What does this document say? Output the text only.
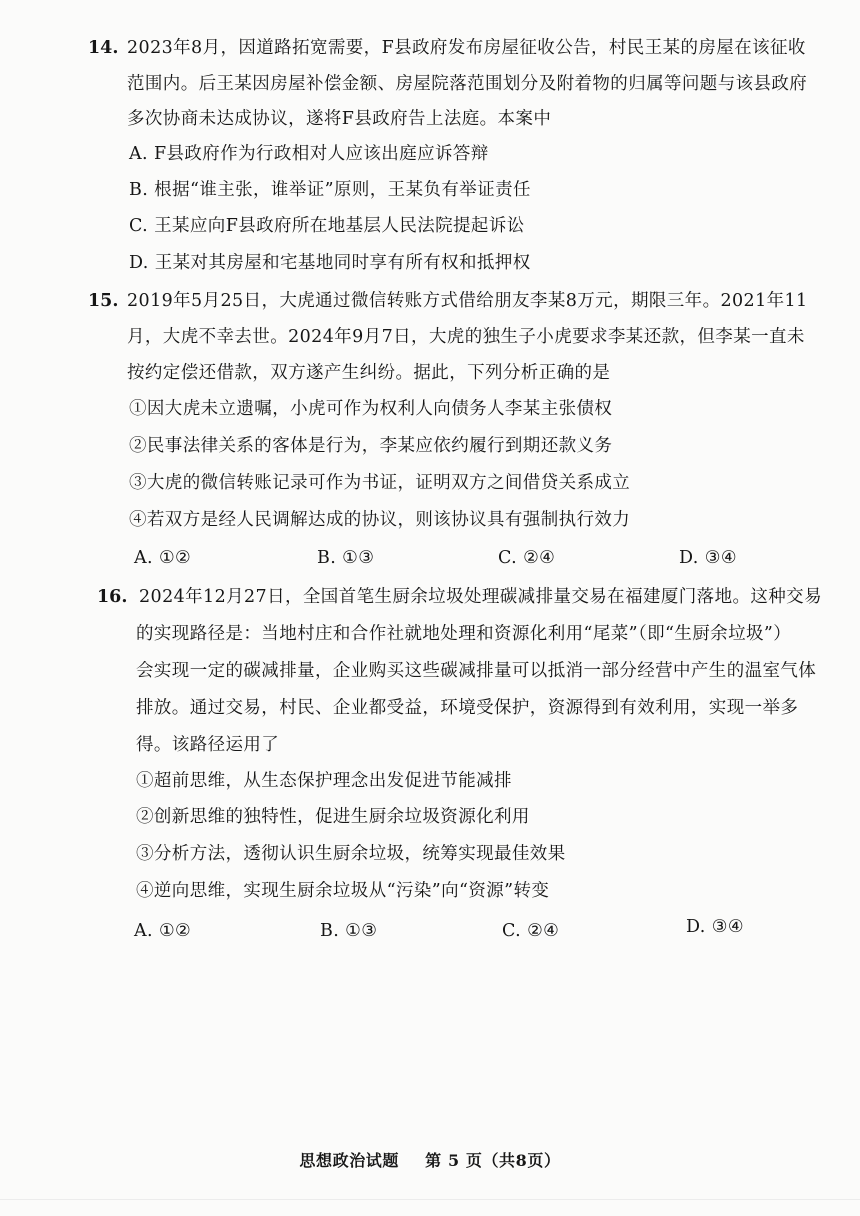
14. 2023年8月，因道路拓宽需要，F县政府发布房屋征收公告，村民王某的房屋在该征收
范围内。后王某因房屋补偿金额、房屋院落范围划分及附着物的归属等问题与该县政府
多次协商未达成协议，遂将F县政府告上法庭。本案中
A. F县政府作为行政相对人应该出庭应诉答辩
B. 根据“谁主张，谁举证”原则，王某负有举证责任
C. 王某应向F县政府所在地基层人民法院提起诉讼
D. 王某对其房屋和宅基地同时享有所有权和抵押权
15. 2019年5月25日，大虎通过微信转账方式借给朋友李某8万元，期限三年。2021年11
月，大虎不幸去世。2024年9月7日，大虎的独生子小虎要求李某还款，但李某一直未
按约定偿还借款，双方遂产生纠纷。据此，下列分析正确的是
①因大虎未立遗嘱，小虎可作为权利人向债务人李某主张债权
②民事法律关系的客体是行为，李某应依约履行到期还款义务
③大虎的微信转账记录可作为书证，证明双方之间借贷关系成立
④若双方是经人民调解达成的协议，则该协议具有强制执行效力
A. ①②	B. ①③	C. ②④	D. ③④
16. 2024年12月27日，全国首笔生厨余垃圾处理碳减排量交易在福建厦门落地。这种交易
的实现路径是：当地村庄和合作社就地处理和资源化利用“尾菜”（即“生厨余垃圾”）
会实现一定的碳减排量，企业购买这些碳减排量可以抵消一部分经营中产生的温室气体
排放。通过交易，村民、企业都受益，环境受保护，资源得到有效利用，实现一举多
得。该路径运用了
①超前思维，从生态保护理念出发促进节能减排
②创新思维的独特性，促进生厨余垃圾资源化利用
③分析方法，透彻认识生厨余垃圾，统筹实现最佳效果
④逆向思维，实现生厨余垃圾从“污染”向“资源”转变
A. ①②	B. ①③	C. ②④	D. ③④
思想政治试题 第 5 页（共8页）
